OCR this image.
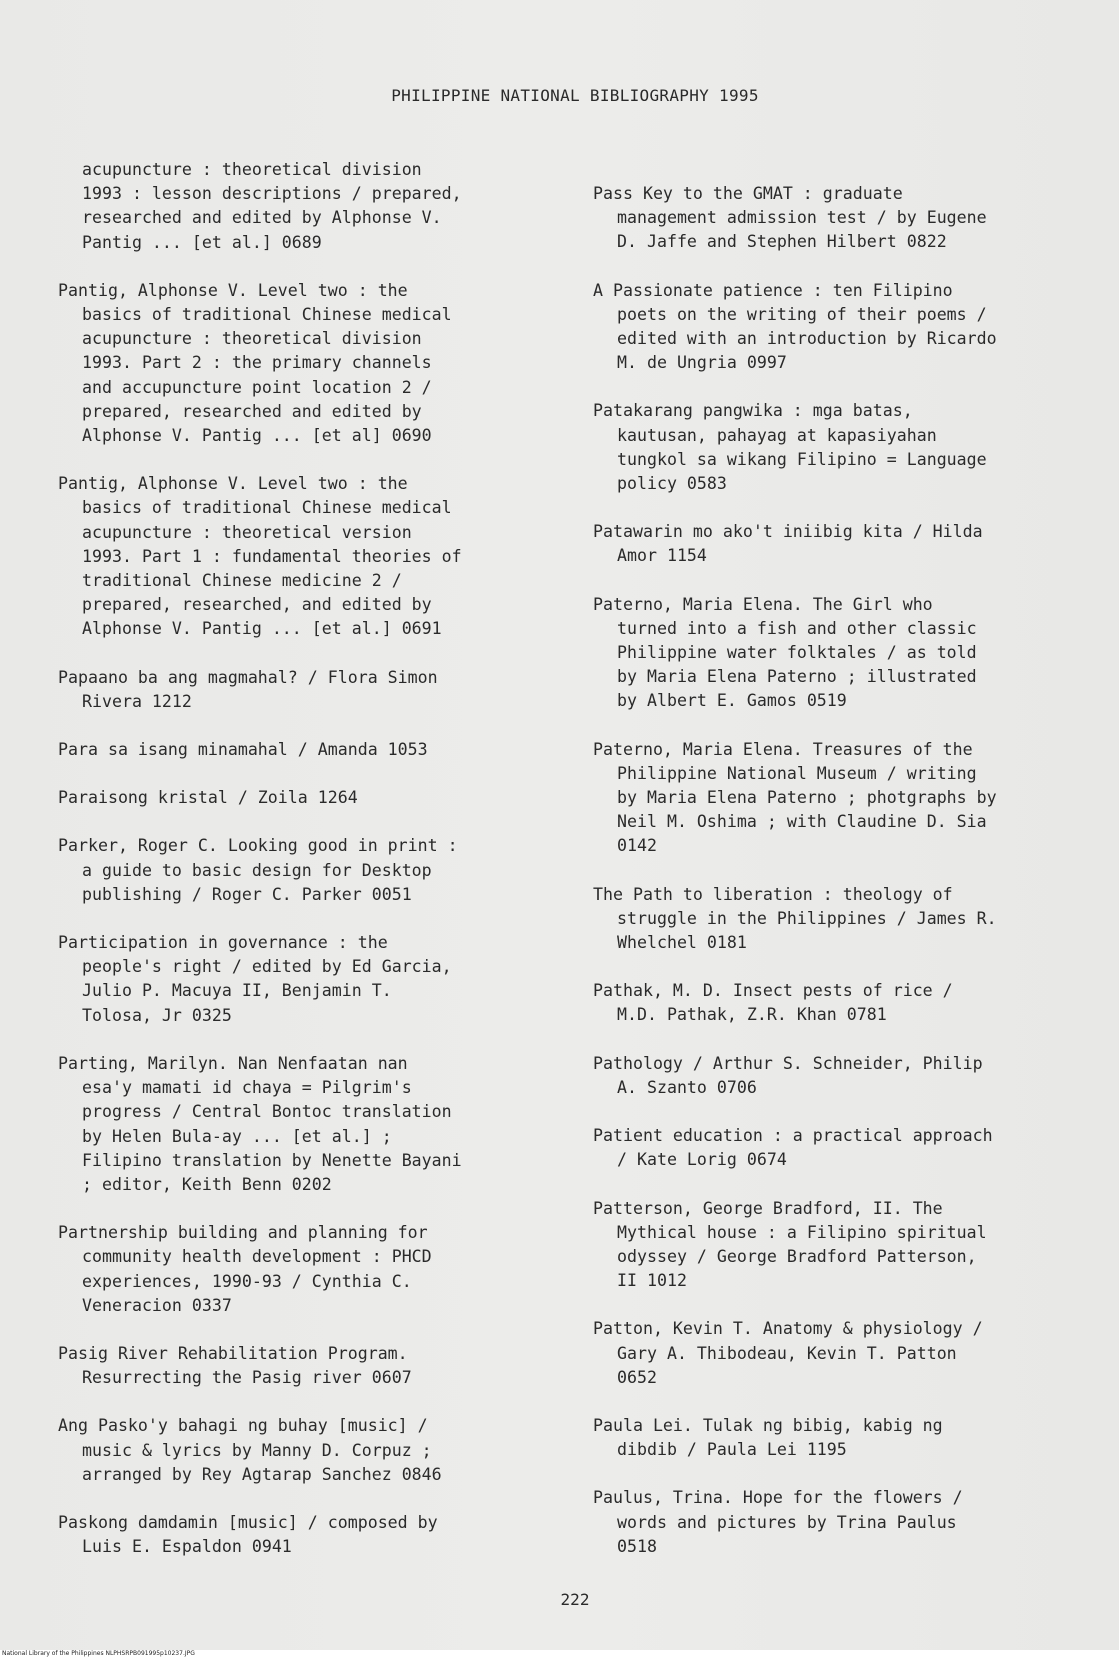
PHILIPPINE NATIONAL BIBLIOGRAPHY 1995
acupuncture : theoretical division
1993 : lesson descriptions / prepared,
researched and edited by Alphonse V.
Pantig ... [et al.] 0689
Pantig, Alphonse V. Level two : the
basics of traditional Chinese medical
acupuncture : theoretical division
1993. Part 2 : the primary channels
and accupuncture point location 2 /
prepared, researched and edited by
Alphonse V. Pantig ... [et al] 0690
Pantig, Alphonse V. Level two : the
basics of traditional Chinese medical
acupuncture : theoretical version
1993. Part 1 : fundamental theories of
traditional Chinese medicine 2 /
prepared, researched, and edited by
Alphonse V. Pantig ... [et al.] 0691
Papaano ba ang magmahal? / Flora Simon
Rivera 1212
Para sa isang minamahal / Amanda 1053
Paraisong kristal / Zoila 1264
Parker, Roger C. Looking good in print :
a guide to basic design for Desktop
publishing / Roger C. Parker 0051
Participation in governance : the
people's right / edited by Ed Garcia,
Julio P. Macuya II, Benjamin T.
Tolosa, Jr 0325
Parting, Marilyn. Nan Nenfaatan nan
esa'y mamati id chaya = Pilgrim's
progress / Central Bontoc translation
by Helen Bula-ay ... [et al.] ;
Filipino translation by Nenette Bayani
; editor, Keith Benn 0202
Partnership building and planning for
community health development : PHCD
experiences, 1990-93 / Cynthia C.
Veneracion 0337
Pasig River Rehabilitation Program.
Resurrecting the Pasig river 0607
Ang Pasko'y bahagi ng buhay [music] /
music & lyrics by Manny D. Corpuz ;
arranged by Rey Agtarap Sanchez 0846
Paskong damdamin [music] / composed by
Luis E. Espaldon 0941
Pass Key to the GMAT : graduate
management admission test / by Eugene
D. Jaffe and Stephen Hilbert 0822
A Passionate patience : ten Filipino
poets on the writing of their poems /
edited with an introduction by Ricardo
M. de Ungria 0997
Patakarang pangwika : mga batas,
kautusan, pahayag at kapasiyahan
tungkol sa wikang Filipino = Language
policy 0583
Patawarin mo ako't iniibig kita / Hilda
Amor 1154
Paterno, Maria Elena. The Girl who
turned into a fish and other classic
Philippine water folktales / as told
by Maria Elena Paterno ; illustrated
by Albert E. Gamos 0519
Paterno, Maria Elena. Treasures of the
Philippine National Museum / writing
by Maria Elena Paterno ; photgraphs by
Neil M. Oshima ; with Claudine D. Sia
0142
The Path to liberation : theology of
struggle in the Philippines / James R.
Whelchel 0181
Pathak, M. D. Insect pests of rice /
M.D. Pathak, Z.R. Khan 0781
Pathology / Arthur S. Schneider, Philip
A. Szanto 0706
Patient education : a practical approach
/ Kate Lorig 0674
Patterson, George Bradford, II. The
Mythical house : a Filipino spiritual
odyssey / George Bradford Patterson,
II 1012
Patton, Kevin T. Anatomy & physiology /
Gary A. Thibodeau, Kevin T. Patton
0652
Paula Lei. Tulak ng bibig, kabig ng
dibdib / Paula Lei 1195
Paulus, Trina. Hope for the flowers /
words and pictures by Trina Paulus
0518
222
National Library of the Philippines NLPHSRPB091995p10237.JPG
